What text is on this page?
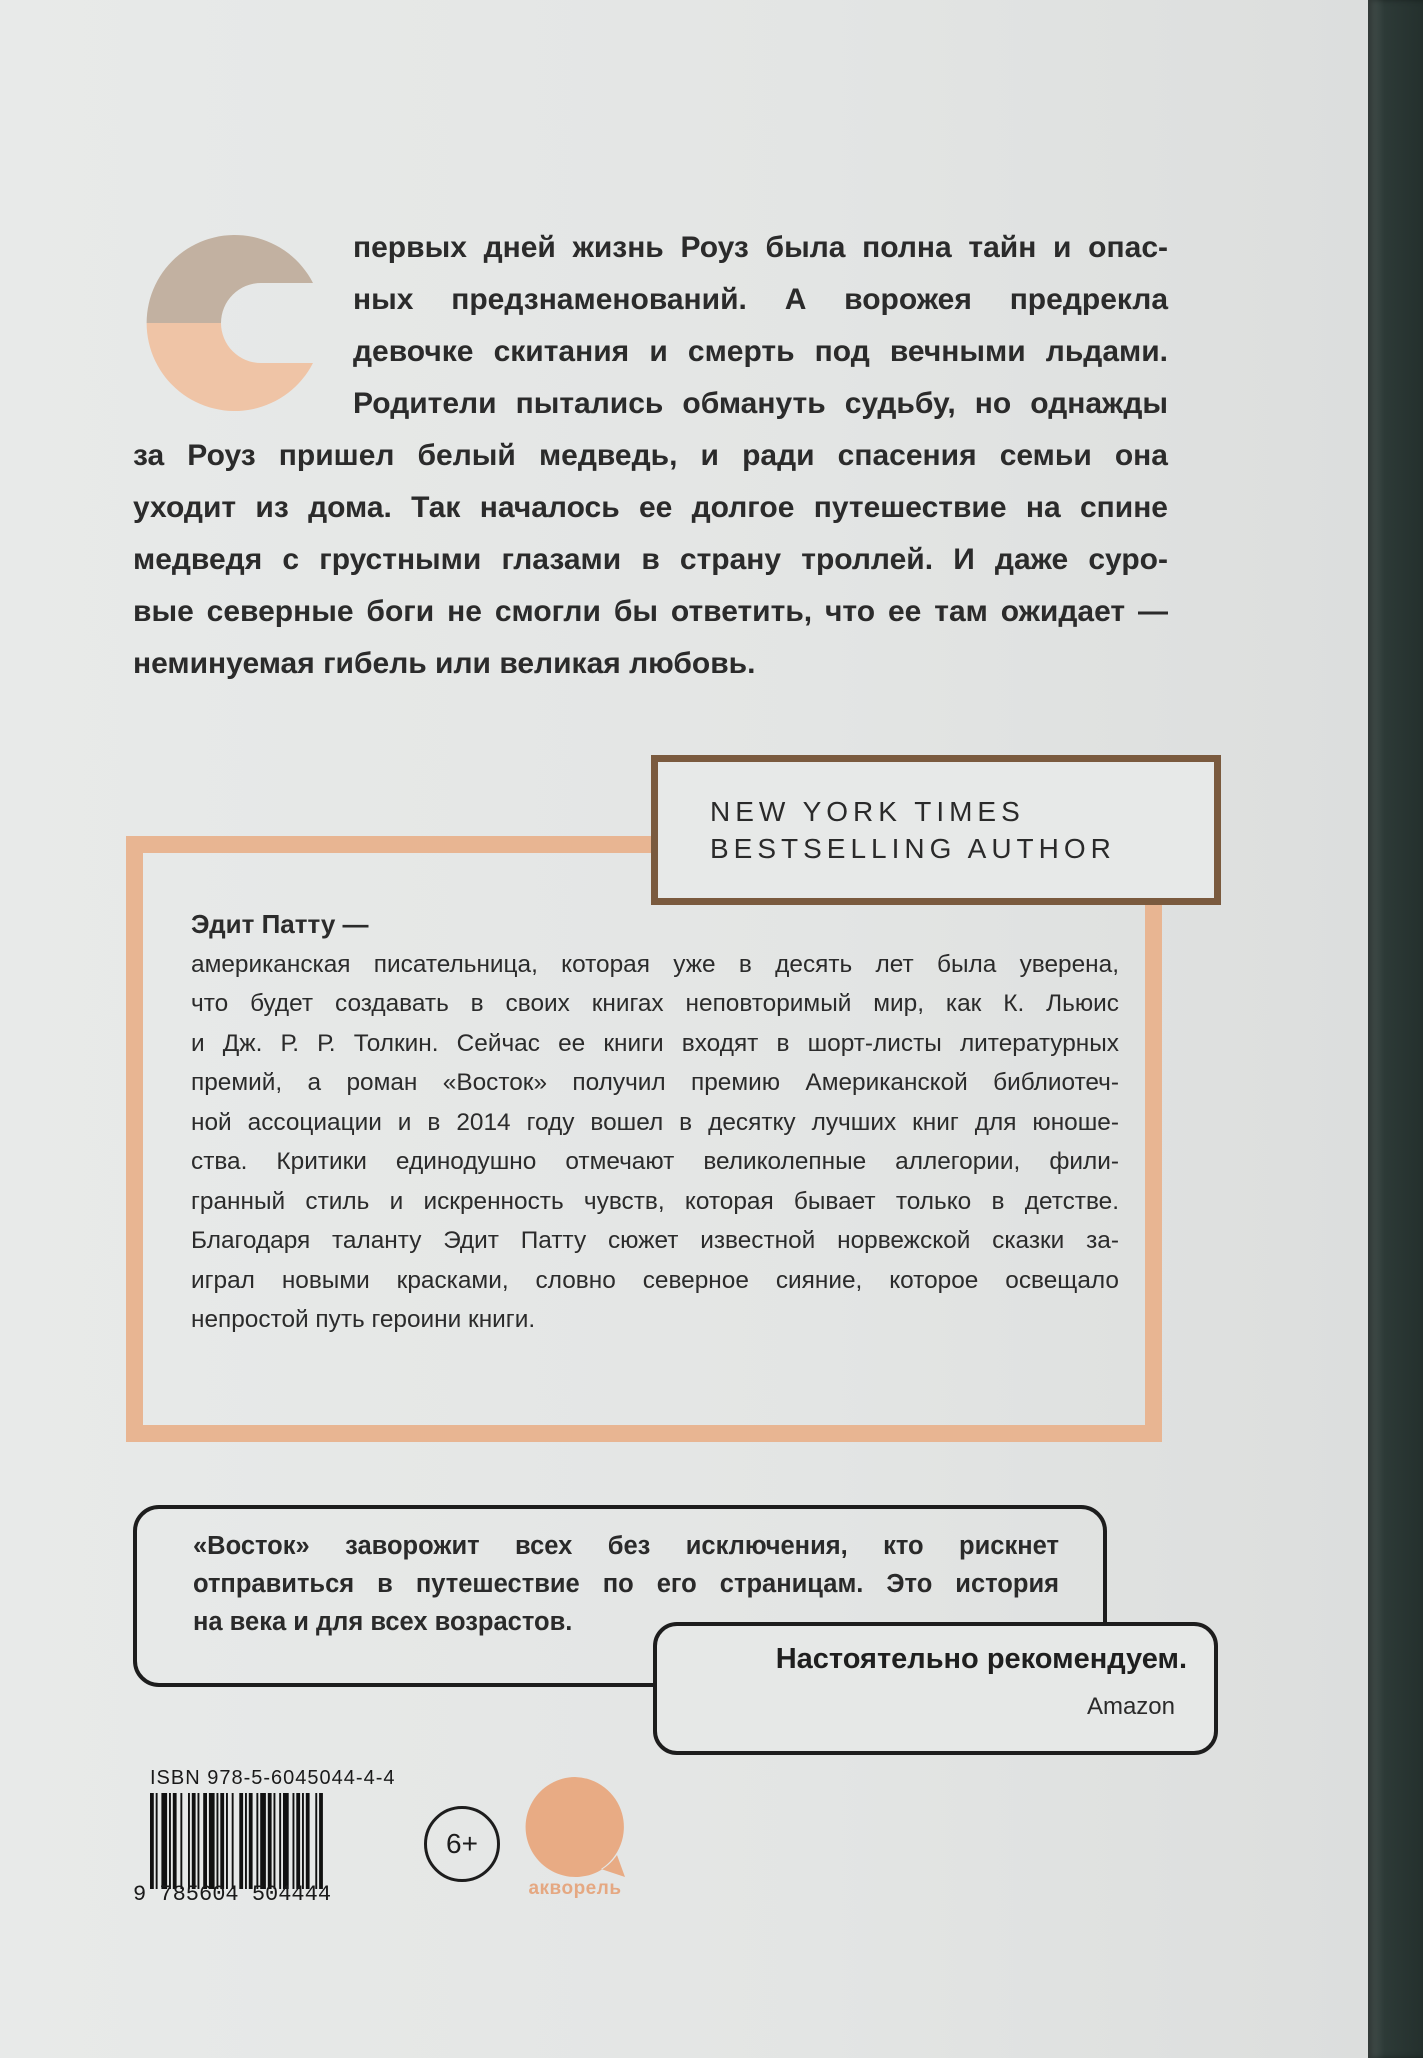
первых дней жизнь Роуз была полна тайн и опас-
ных предзнаменований. А ворожея предрекла
девочке скитания и смерть под вечными льдами.
Родители пытались обмануть судьбу, но однажды
за Роуз пришел белый медведь, и ради спасения семьи она
уходит из дома. Так началось ее долгое путешествие на спине
медведя с грустными глазами в страну троллей. И даже суро-
вые северные боги не смогли бы ответить, что ее там ожидает —
неминуемая гибель или великая любовь.
NEW YORK TIMES
BESTSELLING AUTHOR
Эдит Патту —
американская писательница, которая уже в десять лет была уверена,
что будет создавать в своих книгах неповторимый мир, как К. Льюис
и Дж. Р. Р. Толкин. Сейчас ее книги входят в шорт-листы литературных
премий, а роман «Восток» получил премию Американской библиотеч-
ной ассоциации и в 2014 году вошел в десятку лучших книг для юноше-
ства. Критики единодушно отмечают великолепные аллегории, фили-
гранный стиль и искренность чувств, которая бывает только в детстве.
Благодаря таланту Эдит Патту сюжет известной норвежской сказки за-
играл новыми красками, словно северное сияние, которое освещало
непростой путь героини книги.
«Восток» заворожит всех без исключения, кто рискнет
отправиться в путешествие по его страницам. Это история
на века и для всех возрастов.
Настоятельно рекомендуем.
Amazon
ISBN 978-5-6045044-4-4
9 785604 504444
6+
акворель
